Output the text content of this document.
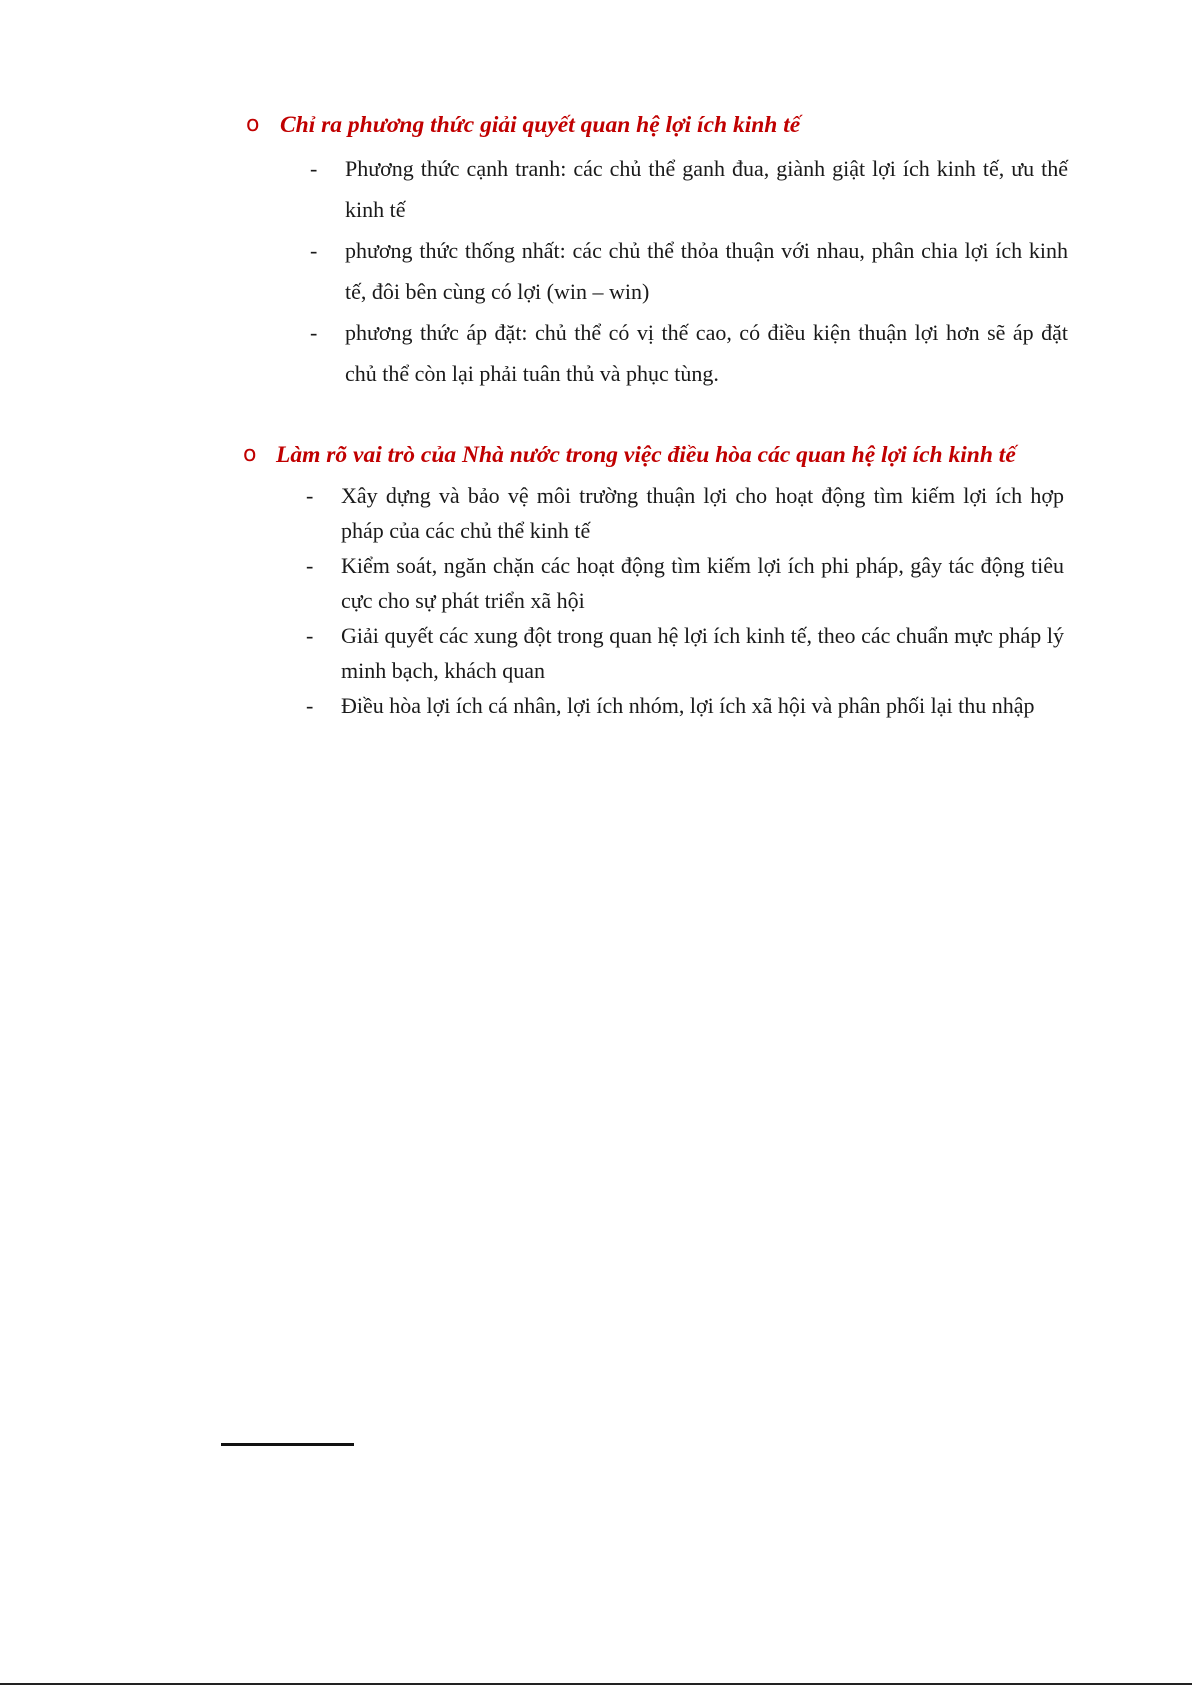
o Chỉ ra phương thức giải quyết quan hệ lợi ích kinh tế
- Phương thức cạnh tranh: các chủ thể ganh đua, giành giật lợi ích kinh tế, ưu thế kinh tế
- phương thức thống nhất: các chủ thể thỏa thuận với nhau, phân chia lợi ích kinh tế, đôi bên cùng có lợi (win – win)
- phương thức áp đặt: chủ thể có vị thế cao, có điều kiện thuận lợi hơn sẽ áp đặt chủ thể còn lại phải tuân thủ và phục tùng.
o Làm rõ vai trò của Nhà nước trong việc điều hòa các quan hệ lợi ích kinh tế
- Xây dựng và bảo vệ môi trường thuận lợi cho hoạt động tìm kiếm lợi ích hợp pháp của các chủ thể kinh tế
- Kiểm soát, ngăn chặn các hoạt động tìm kiếm lợi ích phi pháp, gây tác động tiêu cực cho sự phát triển xã hội
- Giải quyết các xung đột trong quan hệ lợi ích kinh tế, theo các chuẩn mực pháp lý minh bạch, khách quan
- Điều hòa lợi ích cá nhân, lợi ích nhóm, lợi ích xã hội và phân phối lại thu nhập
